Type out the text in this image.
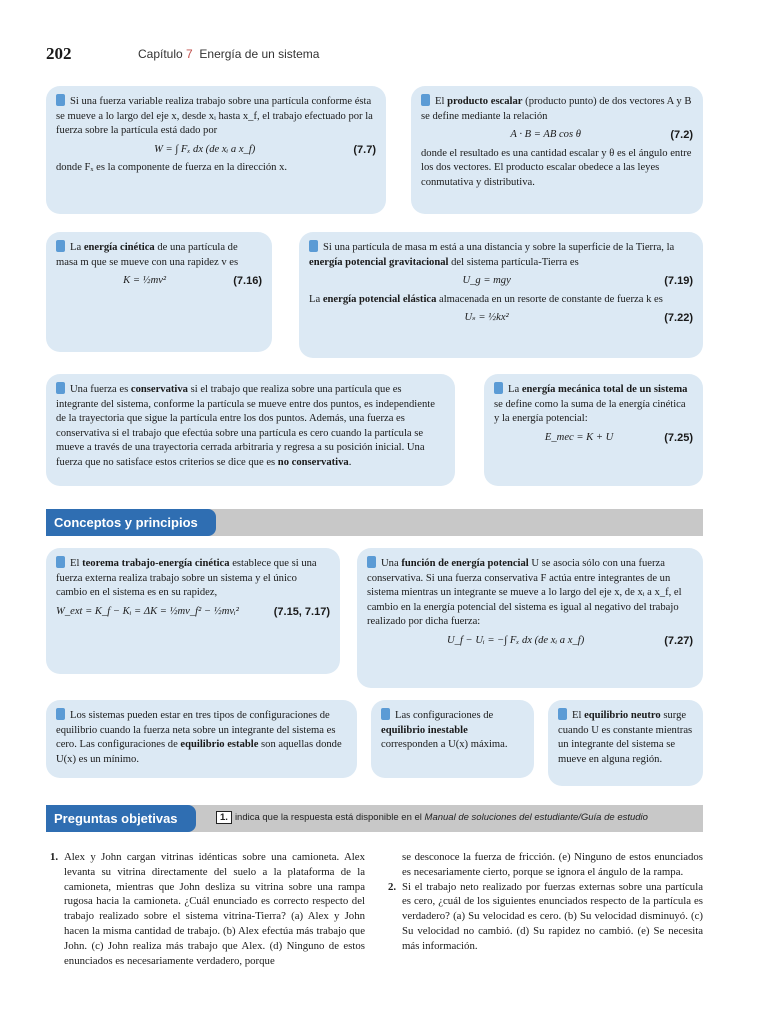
202	Capítulo 7 Energía de un sistema

Si una fuerza variable realiza trabajo sobre una partícula conforme ésta se mueve a lo largo del eje x, desde xᵢ hasta x_f, el trabajo efectuado por la fuerza sobre la partícula está dado por

W = ∫ Fₓ dx (de xᵢ a x_f)	(7.7)

donde Fₓ es la componente de fuerza en la dirección x.

El producto escalar (producto punto) de dos vectores A y B se define mediante la relación

A · B = AB cos θ	(7.2)

donde el resultado es una cantidad escalar y θ es el ángulo entre los dos vectores. El producto escalar obedece a las leyes conmutativa y distributiva.

La energía cinética de una partícula de masa m que se mueve con una rapidez v es

K = ½mv²	(7.16)

Si una partícula de masa m está a una distancia y sobre la superficie de la Tierra, la energía potencial gravitacional del sistema partícula-Tierra es

U_g = mgy	(7.19)

La energía potencial elástica almacenada en un resorte de constante de fuerza k es

Uₛ = ½kx²	(7.22)

Una fuerza es conservativa si el trabajo que realiza sobre una partícula que es integrante del sistema, conforme la partícula se mueve entre dos puntos, es independiente de la trayectoria que sigue la partícula entre los dos puntos. Además, una fuerza es conservativa si el trabajo que efectúa sobre una partícula es cero cuando la partícula se mueve a través de una trayectoria cerrada arbitraria y regresa a su posición inicial. Una fuerza que no satisface estos criterios se dice que es no conservativa.

La energía mecánica total de un sistema se define como la suma de la energía cinética y la energía potencial:

E_mec = K + U	(7.25)
Conceptos y principios

El teorema trabajo-energía cinética establece que si una fuerza externa realiza trabajo sobre un sistema y el único cambio en el sistema es en su rapidez,

W_ext = K_f − Kᵢ = ΔK = ½mv_f² − ½mvᵢ²	(7.15, 7.17)

Una función de energía potencial U se asocia sólo con una fuerza conservativa. Si una fuerza conservativa F actúa entre integrantes de un sistema mientras un integrante se mueve a lo largo del eje x, de xᵢ a x_f, el cambio en la energía potencial del sistema es igual al negativo del trabajo realizado por dicha fuerza:

U_f − Uᵢ = −∫ Fₓ dx (de xᵢ a x_f)	(7.27)

Los sistemas pueden estar en tres tipos de configuraciones de equilibrio cuando la fuerza neta sobre un integrante del sistema es cero. Las configuraciones de equilibrio estable son aquellas donde U(x) es un mínimo.

Las configuraciones de equilibrio inestable corresponden a U(x) máxima.

El equilibrio neutro surge cuando U es constante mientras un integrante del sistema se mueve en alguna región.

Preguntas objetivas	1. indica que la respuesta está disponible en el Manual de soluciones del estudiante/Guía de estudio
1. Alex y John cargan vitrinas idénticas sobre una camioneta. Alex levanta su vitrina directamente del suelo a la plataforma de la camioneta, mientras que John desliza su vitrina sobre una rampa rugosa hacia la camioneta. ¿Cuál enunciado es correcto respecto del trabajo realizado sobre el sistema vitrina-Tierra? (a) Alex y John hacen la misma cantidad de trabajo. (b) Alex efectúa más trabajo que John. (c) John realiza más trabajo que Alex. (d) Ninguno de estos enunciados es necesariamente verdadero, porque
se desconoce la fuerza de fricción. (e) Ninguno de estos enunciados es necesariamente cierto, porque se ignora el ángulo de la rampa.
2. Si el trabajo neto realizado por fuerzas externas sobre una partícula es cero, ¿cuál de los siguientes enunciados respecto de la partícula es verdadero? (a) Su velocidad es cero. (b) Su velocidad disminuyó. (c) Su velocidad no cambió. (d) Su rapidez no cambió. (e) Se necesita más información.
